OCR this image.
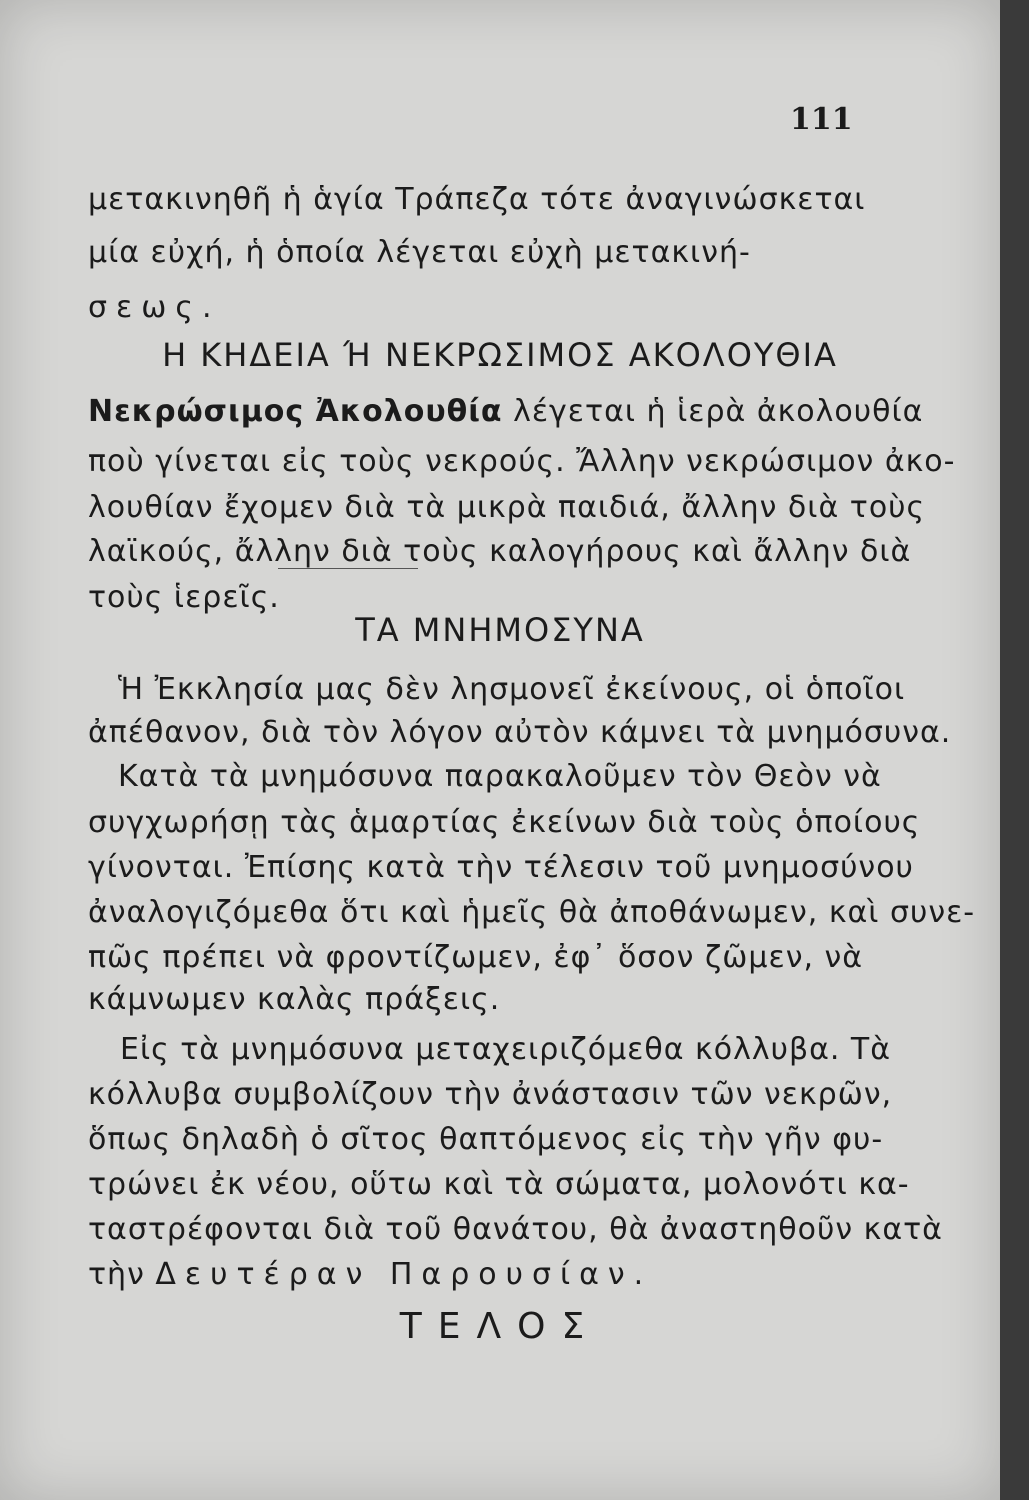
111
μετακινηθῆ ἡ ἁγία Τράπεζα τότε ἀναγινώσκεται
μία εὐχή, ἡ ὁποία λέγεται εὐχὴ μετακινή-
σεως.
Η ΚΗΔΕΙΑ Ή ΝΕΚΡΩΣΙΜΟΣ ΑΚΟΛΟΥΘΙΑ
Νεκρώσιμος Ἀκολουθία λέγεται ἡ ἱερὰ ἀκολουθία
ποὺ γίνεται εἰς τοὺς νεκρούς. Ἄλλην νεκρώσιμον ἀκο-
λουθίαν ἔχομεν διὰ τὰ μικρὰ παιδιά, ἄλλην διὰ τοὺς
λαϊκούς, ἄλλην διὰ τοὺς καλογήρους καὶ ἄλλην διὰ
τοὺς ἱερεῖς.
ΤΑ ΜΝΗΜΟΣΥΝΑ
Ἡ Ἐκκλησία μας δὲν λησμονεῖ ἐκείνους, οἱ ὁποῖοι
ἀπέθανον, διὰ τὸν λόγον αὐτὸν κάμνει τὰ μνημόσυνα.
Κατὰ τὰ μνημόσυνα παρακαλοῦμεν τὸν Θεὸν νὰ
συγχωρήσῃ τὰς ἁμαρτίας ἐκείνων διὰ τοὺς ὁποίους
γίνονται. Ἐπίσης κατὰ τὴν τέλεσιν τοῦ μνημοσύνου
ἀναλογιζόμεθα ὅτι καὶ ἡμεῖς θὰ ἀποθάνωμεν, καὶ συνε-
πῶς πρέπει νὰ φροντίζωμεν, ἐφ᾽ ὅσον ζῶμεν, νὰ
κάμνωμεν καλὰς πράξεις.
Εἰς τὰ μνημόσυνα μεταχειριζόμεθα κόλλυβα. Τὰ
κόλλυβα συμβολίζουν τὴν ἀνάστασιν τῶν νεκρῶν,
ὅπως δηλαδὴ ὁ σῖτος θαπτόμενος εἰς τὴν γῆν φυ-
τρώνει ἐκ νέου, οὕτω καὶ τὰ σώματα, μολονότι κα-
ταστρέφονται διὰ τοῦ θανάτου, θὰ ἀναστηθοῦν κατὰ
τὴν Δευτέραν Παρουσίαν.
ΤΕΛΟΣ
